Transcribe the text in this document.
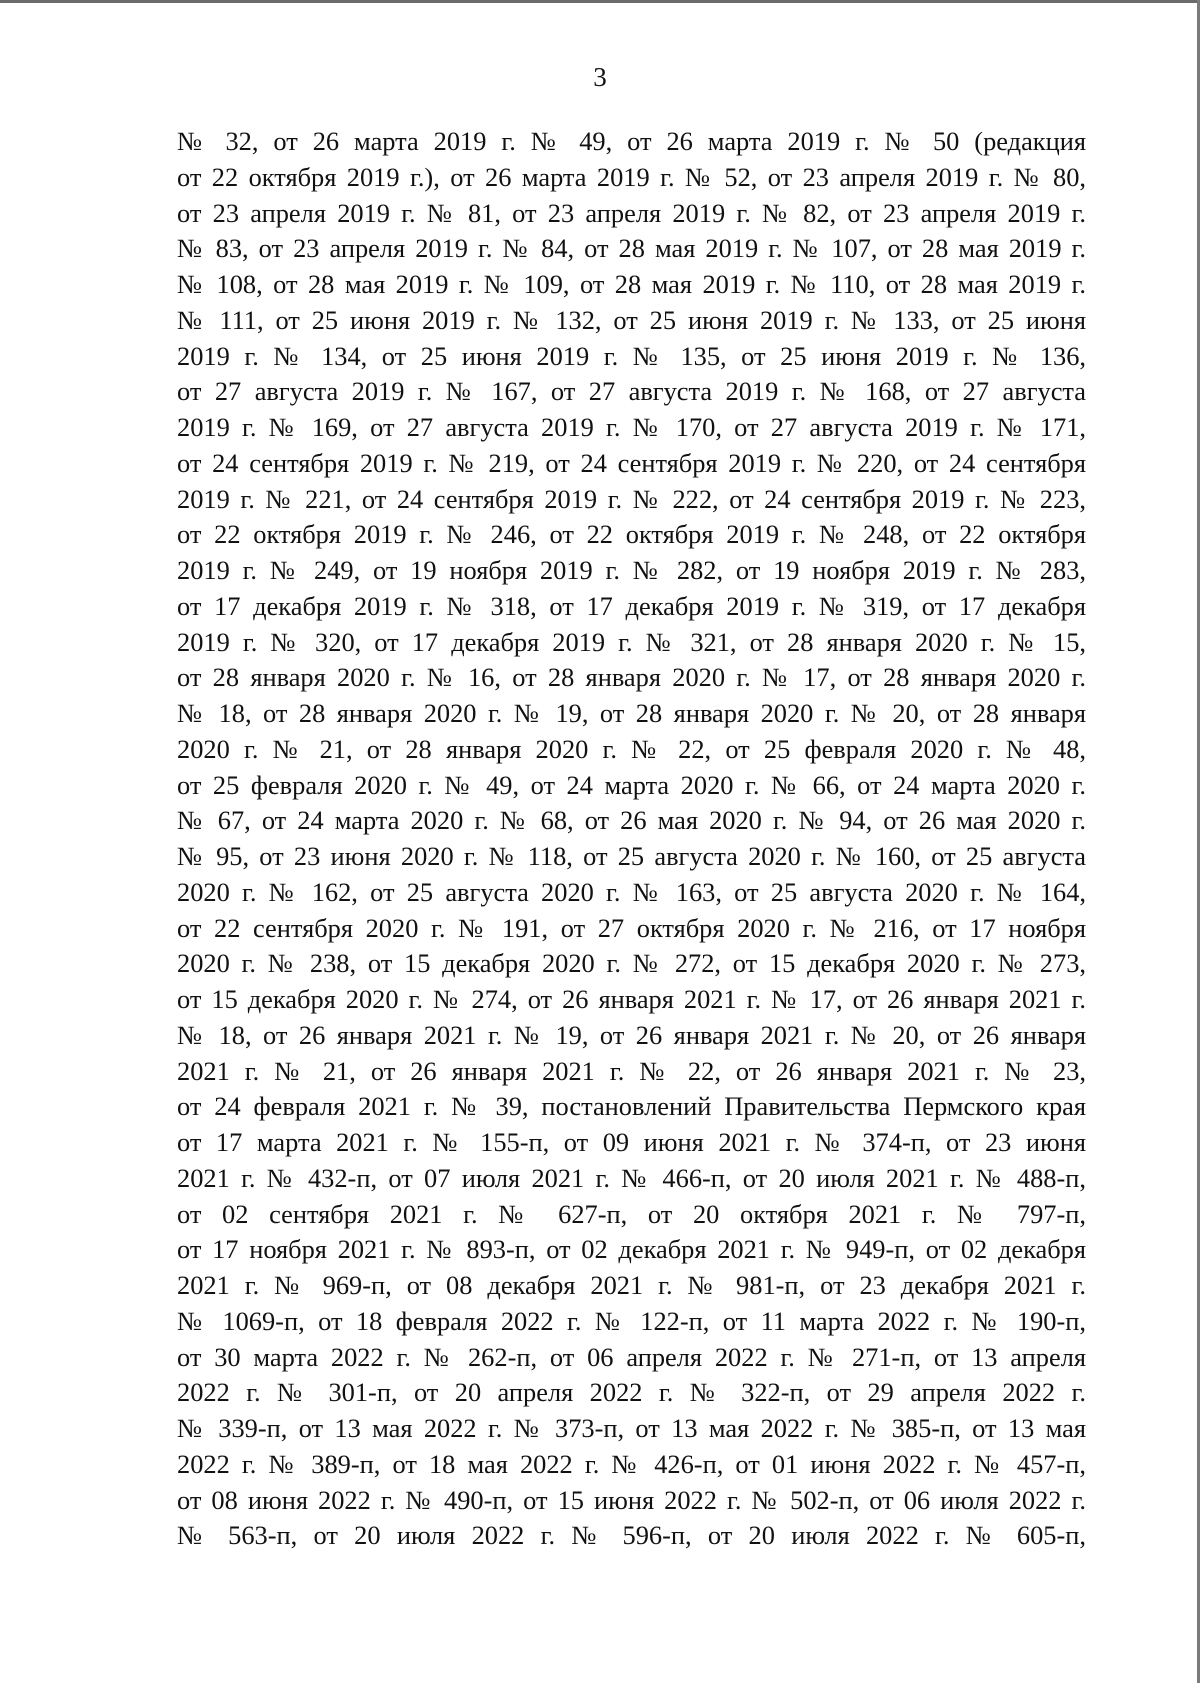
3
№ 32, от 26 марта 2019 г. № 49, от 26 марта 2019 г. № 50 (редакция
от 22 октября 2019 г.), от 26 марта 2019 г. № 52, от 23 апреля 2019 г. № 80,
от 23 апреля 2019 г. № 81, от 23 апреля 2019 г. № 82, от 23 апреля 2019 г.
№ 83, от 23 апреля 2019 г. № 84, от 28 мая 2019 г. № 107, от 28 мая 2019 г.
№ 108, от 28 мая 2019 г. № 109, от 28 мая 2019 г. № 110, от 28 мая 2019 г.
№ 111, от 25 июня 2019 г. № 132, от 25 июня 2019 г. № 133, от 25 июня
2019 г. № 134, от 25 июня 2019 г. № 135, от 25 июня 2019 г. № 136,
от 27 августа 2019 г. № 167, от 27 августа 2019 г. № 168, от 27 августа
2019 г. № 169, от 27 августа 2019 г. № 170, от 27 августа 2019 г. № 171,
от 24 сентября 2019 г. № 219, от 24 сентября 2019 г. № 220, от 24 сентября
2019 г. № 221, от 24 сентября 2019 г. № 222, от 24 сентября 2019 г. № 223,
от 22 октября 2019 г. № 246, от 22 октября 2019 г. № 248, от 22 октября
2019 г. № 249, от 19 ноября 2019 г. № 282, от 19 ноября 2019 г. № 283,
от 17 декабря 2019 г. № 318, от 17 декабря 2019 г. № 319, от 17 декабря
2019 г. № 320, от 17 декабря 2019 г. № 321, от 28 января 2020 г. № 15,
от 28 января 2020 г. № 16, от 28 января 2020 г. № 17, от 28 января 2020 г.
№ 18, от 28 января 2020 г. № 19, от 28 января 2020 г. № 20, от 28 января
2020 г. № 21, от 28 января 2020 г. № 22, от 25 февраля 2020 г. № 48,
от 25 февраля 2020 г. № 49, от 24 марта 2020 г. № 66, от 24 марта 2020 г.
№ 67, от 24 марта 2020 г. № 68, от 26 мая 2020 г. № 94, от 26 мая 2020 г.
№ 95, от 23 июня 2020 г. № 118, от 25 августа 2020 г. № 160, от 25 августа
2020 г. № 162, от 25 августа 2020 г. № 163, от 25 августа 2020 г. № 164,
от 22 сентября 2020 г. № 191, от 27 октября 2020 г. № 216, от 17 ноября
2020 г. № 238, от 15 декабря 2020 г. № 272, от 15 декабря 2020 г. № 273,
от 15 декабря 2020 г. № 274, от 26 января 2021 г. № 17, от 26 января 2021 г.
№ 18, от 26 января 2021 г. № 19, от 26 января 2021 г. № 20, от 26 января
2021 г. № 21, от 26 января 2021 г. № 22, от 26 января 2021 г. № 23,
от 24 февраля 2021 г. № 39, постановлений Правительства Пермского края
от 17 марта 2021 г. № 155-п, от 09 июня 2021 г. № 374-п, от 23 июня
2021 г. № 432-п, от 07 июля 2021 г. № 466-п, от 20 июля 2021 г. № 488-п,
от 02 сентября 2021 г. № 627-п, от 20 октября 2021 г. № 797-п,
от 17 ноября 2021 г. № 893-п, от 02 декабря 2021 г. № 949-п, от 02 декабря
2021 г. № 969-п, от 08 декабря 2021 г. № 981-п, от 23 декабря 2021 г.
№ 1069-п, от 18 февраля 2022 г. № 122-п, от 11 марта 2022 г. № 190-п,
от 30 марта 2022 г. № 262-п, от 06 апреля 2022 г. № 271-п, от 13 апреля
2022 г. № 301-п, от 20 апреля 2022 г. № 322-п, от 29 апреля 2022 г.
№ 339-п, от 13 мая 2022 г. № 373-п, от 13 мая 2022 г. № 385-п, от 13 мая
2022 г. № 389-п, от 18 мая 2022 г. № 426-п, от 01 июня 2022 г. № 457-п,
от 08 июня 2022 г. № 490-п, от 15 июня 2022 г. № 502-п, от 06 июля 2022 г.
№ 563-п, от 20 июля 2022 г. № 596-п, от 20 июля 2022 г. № 605-п,
